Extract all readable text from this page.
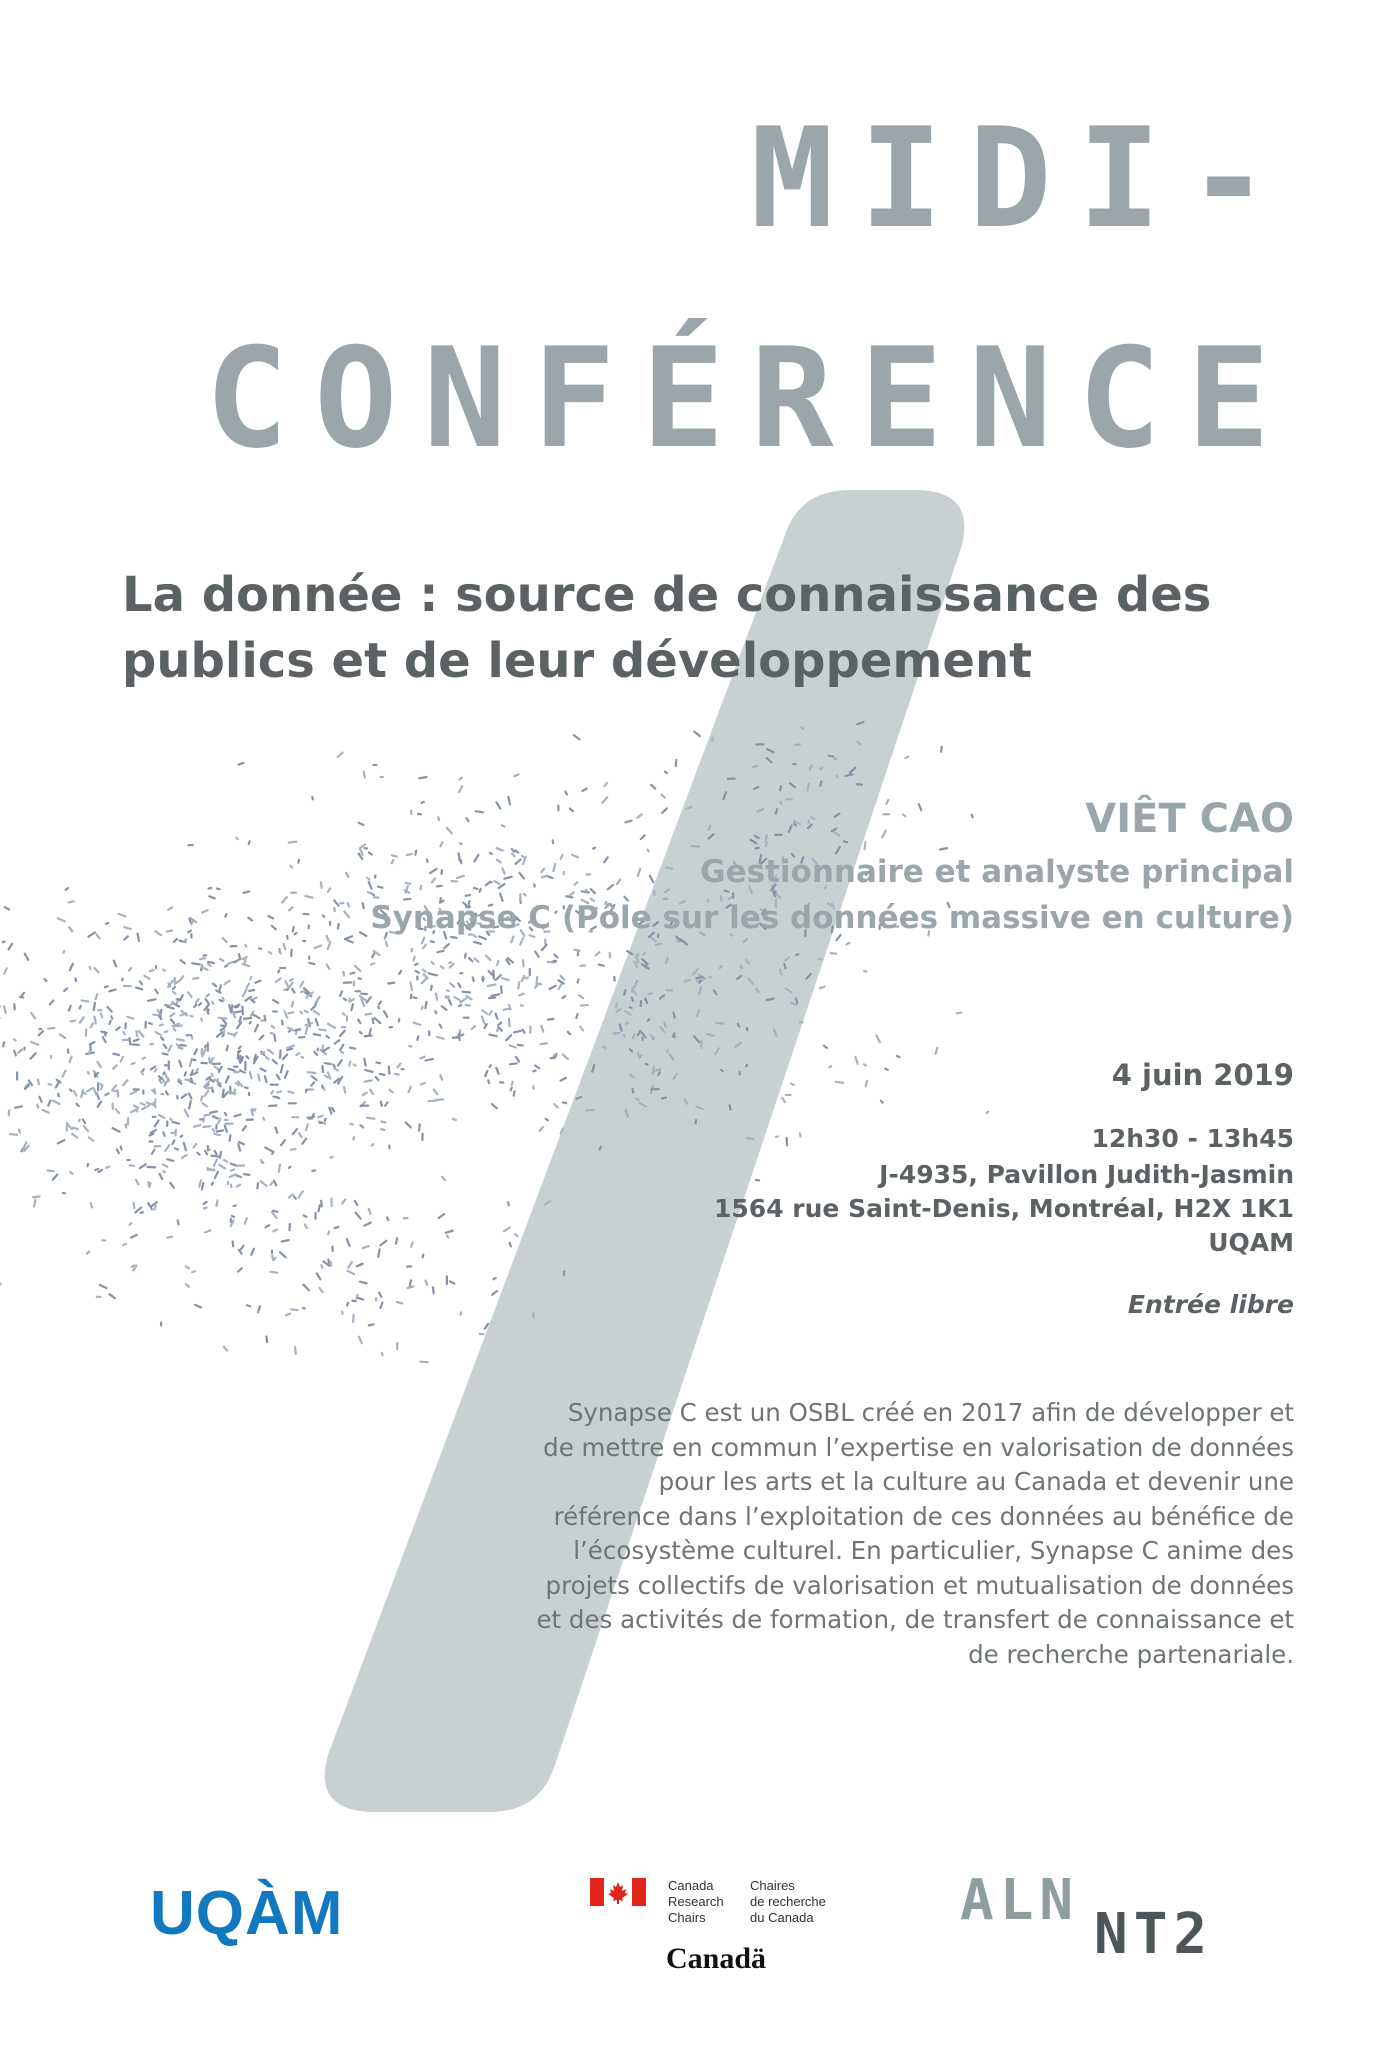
MIDI-
CONFÉRENCE
La donnée : source de connaissance des
publics et de leur développement

VIÊT CAO

Gestionnaire et analyste principal

Synapse C (Pôle sur les données massive en culture)

4 juin 2019

12h30 - 13h45

J-4935, Pavillon Judith-Jasmin

1564 rue Saint-Denis, Montréal, H2X 1K1

UQAM

Entrée libre

Synapse C est un OSBL créé en 2017 afin de développer et de mettre en commun l’expertise en valorisation de données pour les arts et la culture au Canada et devenir une référence dans l’exploitation de ces données au bénéfice de l’écosystème culturel. En particulier, Synapse C anime des projets collectifs de valorisation et mutualisation de données et des activités de formation, de transfert de connaissance et de recherche partenariale.

UQÀM	Canada
Research
Chairs

Chaires
de recherche
du Canada

Canadä

ALN

NT2
